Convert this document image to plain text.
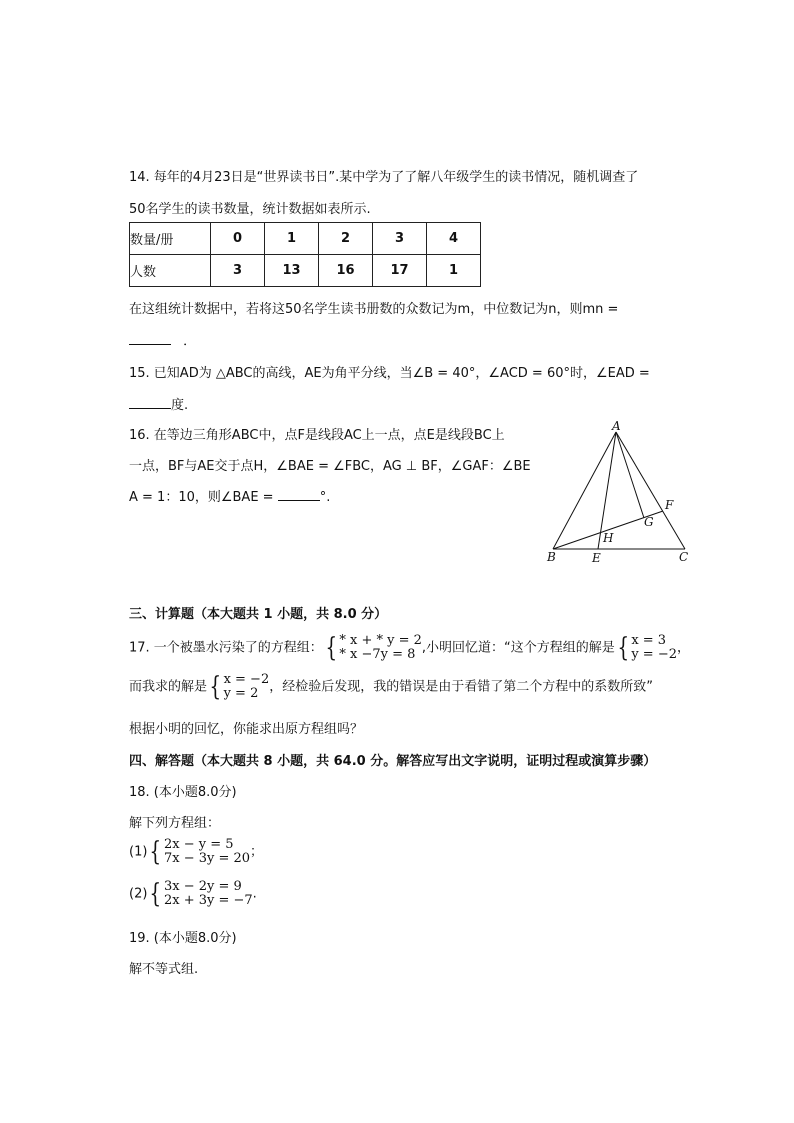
14. 每年的4月23日是“世界读书日”.某中学为了了解八年级学生的读书情况，随机调查了
50名学生的读书数量，统计数据如表所示.
数量/册	0	1	2	3	4
人数	3	13	16	17	1
在这组统计数据中，若将这50名学生读书册数的众数记为m，中位数记为n，则mn =
．
15. 已知AD为 △ABC的高线，AE为角平分线，当∠B = 40°，∠ACD = 60°时，∠EAD =
度.
16. 在等边三角形ABC中，点F是线段AC上一点，点E是线段BC上
一点，BF与AE交于点H，∠BAE = ∠FBC，AG ⊥ BF，∠GAF：∠BE
A = 1：10，则∠BAE =	°.
A
B	C
E
F
G
H
三、计算题（本大题共 1 小题，共 8.0 分）
17. 一个被墨水污染了的方程组：{ * x + * y = 2
* x −7y = 8 ,小明回忆道：“这个方程组的解是{ x = 3
y = −2 ，
而我求的解是{ x = −2
y = 2 ，经检验后发现，我的错误是由于看错了第二个方程中的系数所致”
根据小明的回忆，你能求出原方程组吗？
四、解答题（本大题共 8 小题，共 64.0 分。解答应写出文字说明，证明过程或演算步骤）
18. (本小题8.0分)
解下列方程组：
(1){ 2x − y = 5
7x − 3y = 20 ；
(2){ 3x − 2y = 9
2x + 3y = −7 .
19. (本小题8.0分)
解不等式组.
